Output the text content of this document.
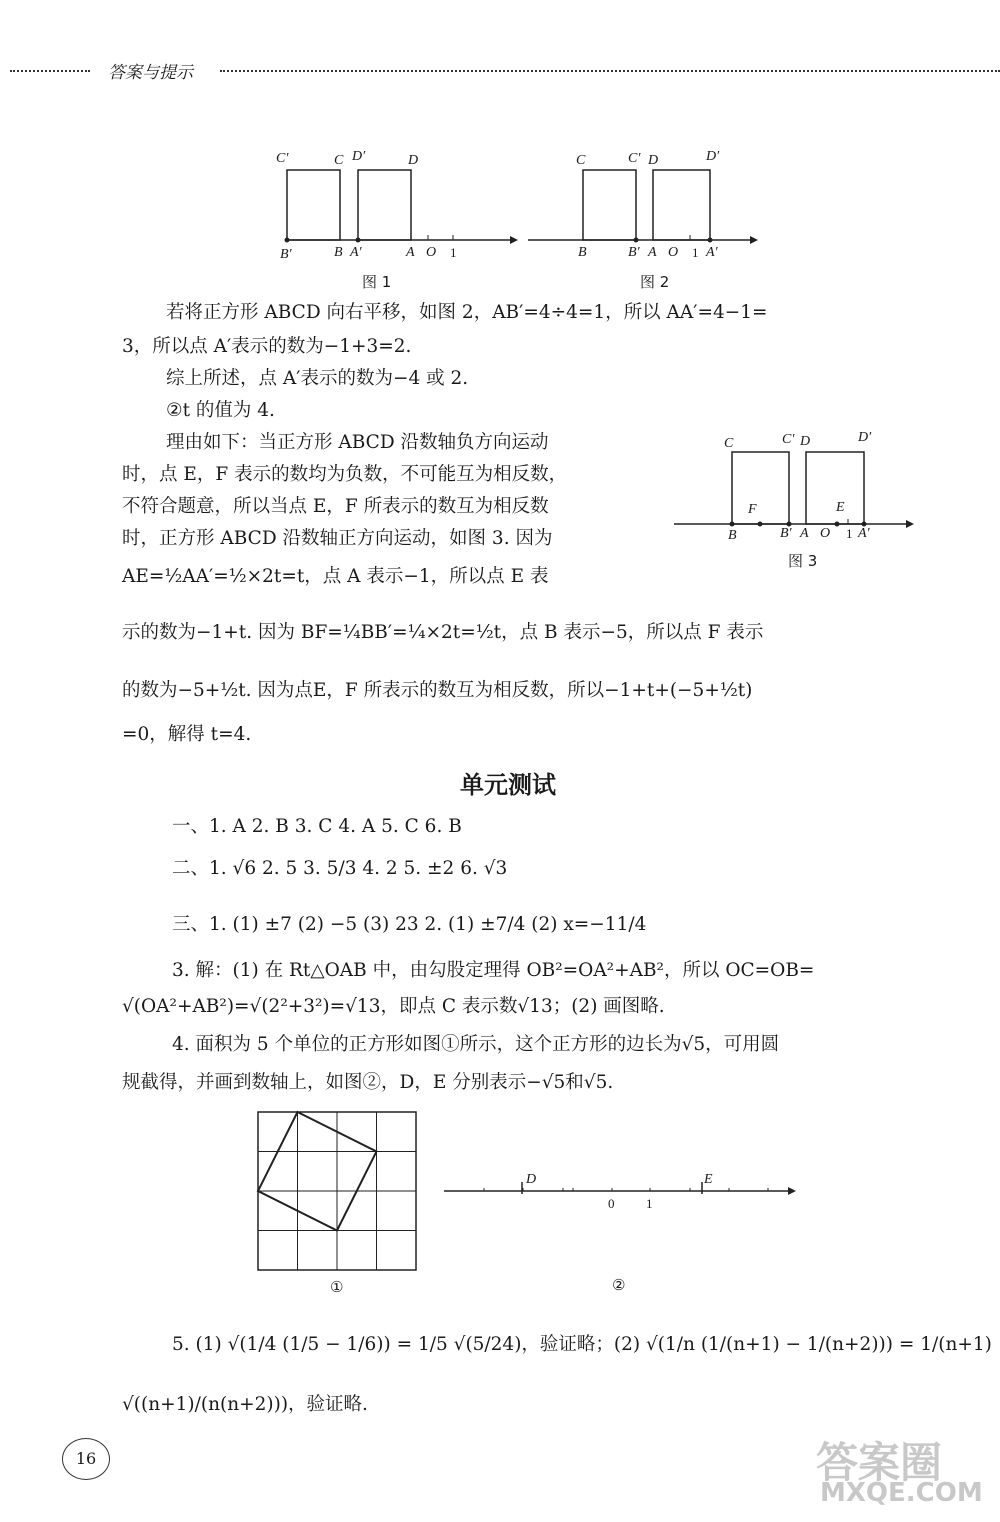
答案与提示
C′	C D′	D
B′	B A′	A O 1
图 1
C	C′ D	D′
B	B′ A O 1 A′
图 2
若将正方形 ABCD 向右平移，如图 2，AB′=4÷4=1，所以 AA′=4−1=
3，所以点 A′表示的数为−1+3=2.
综上所述，点 A′表示的数为−4 或 2.
②t 的值为 4.
理由如下：当正方形 ABCD 沿数轴负方向运动
时，点 E，F 表示的数均为负数，不可能互为相反数，
不符合题意，所以当点 E，F 所表示的数互为相反数
时，正方形 ABCD 沿数轴正方向运动，如图 3. 因为
AE=½AA′=½×2t=t，点 A 表示−1，所以点 E 表
示的数为−1+t. 因为 BF=¼BB′=¼×2t=½t，点 B 表示−5，所以点 F 表示
的数为−5+½t. 因为点E，F 所表示的数互为相反数，所以−1+t+(−5+½t)
=0，解得 t=4.
C	C′ D	D′
F	E
B	B′ A O 1 A′
图 3
单元测试
一、1. A 2. B 3. C 4. A 5. C 6. B
二、1. √6 2. 5 3. 5/3 4. 2 5. ±2 6. √3
三、1. (1) ±7 (2) −5 (3) 23 2. (1) ±7/4 (2) x=−11/4
3. 解：(1) 在 Rt△OAB 中，由勾股定理得 OB²=OA²+AB²，所以 OC=OB=
√(OA²+AB²)=√(2²+3²)=√13，即点 C 表示数√13；(2) 画图略.
4. 面积为 5 个单位的正方形如图①所示，这个正方形的边长为√5，可用圆
规截得，并画到数轴上，如图②，D，E 分别表示−√5和√5.
①
D	E
0 1
②
5. (1) √(1/4 (1/5 − 1/6)) = 1/5 √(5/24)，验证略；(2) √(1/n (1/(n+1) − 1/(n+2))) = 1/(n+1)
√((n+1)/(n(n+2)))，验证略.
16	答案圈
MXQE.COM
